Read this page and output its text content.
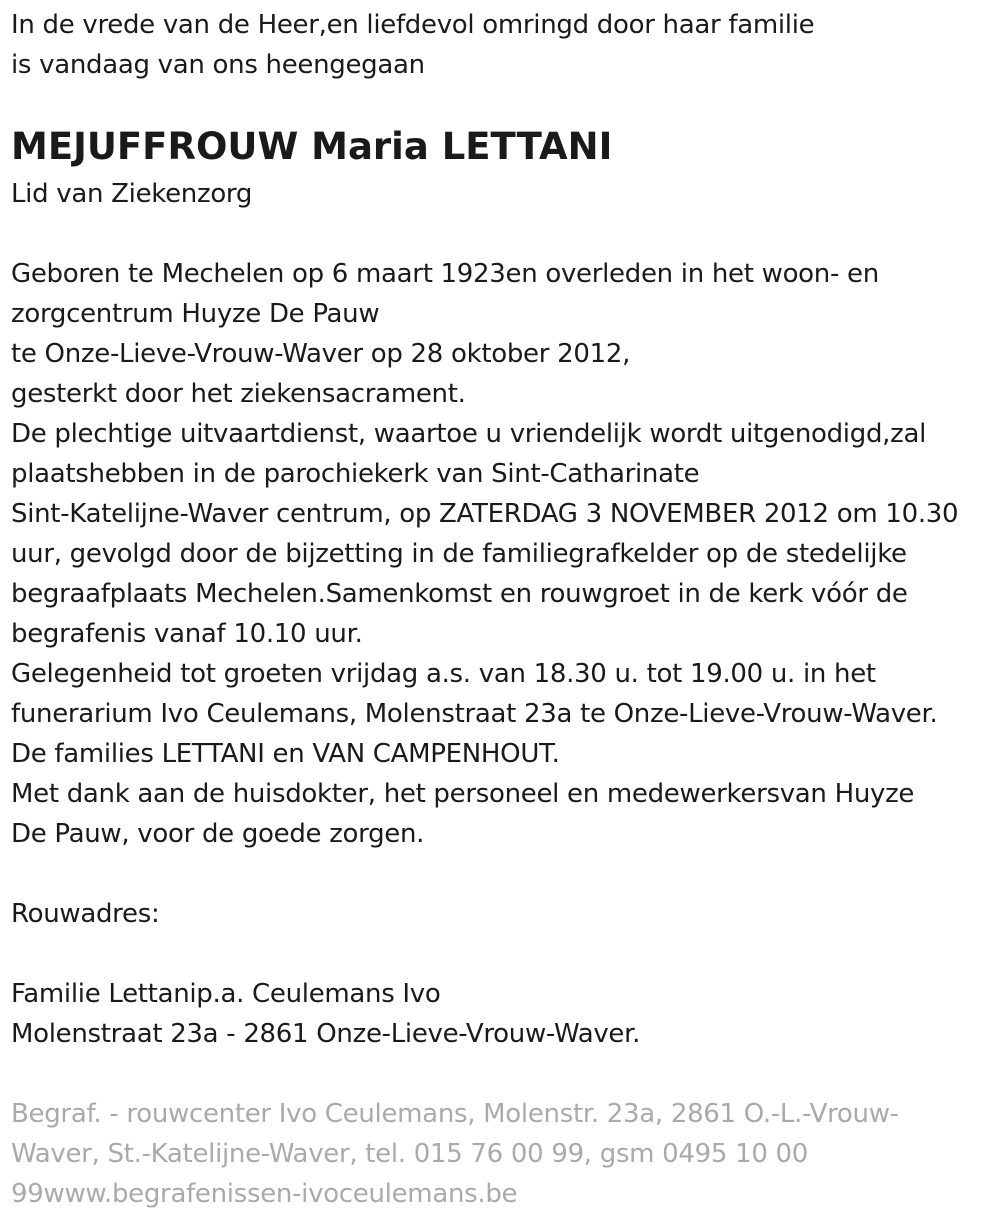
In de vrede van de Heer,en liefdevol omringd door haar familie
is vandaag van ons heengegaan

MEJUFFROUW Maria LETTANI

Lid van Ziekenzorg

Geboren te Mechelen op 6 maart 1923en overleden in het woon- en
zorgcentrum Huyze De Pauw
te Onze-Lieve-Vrouw-Waver op 28 oktober 2012,
gesterkt door het ziekensacrament.
De plechtige uitvaartdienst, waartoe u vriendelijk wordt uitgenodigd,zal
plaatshebben in de parochiekerk van Sint-Catharinate
Sint-Katelijne-Waver centrum, op ZATERDAG 3 NOVEMBER 2012 om 10.30
uur, gevolgd door de bijzetting in de familiegrafkelder op de stedelijke
begraafplaats Mechelen.Samenkomst en rouwgroet in de kerk vóór de
begrafenis vanaf 10.10 uur.
Gelegenheid tot groeten vrijdag a.s. van 18.30 u. tot 19.00 u. in het
funerarium Ivo Ceulemans, Molenstraat 23a te Onze-Lieve-Vrouw-Waver.
De families LETTANI en VAN CAMPENHOUT.
Met dank aan de huisdokter, het personeel en medewerkersvan Huyze
De Pauw, voor de goede zorgen.

Rouwadres:

Familie Lettanip.a. Ceulemans Ivo
Molenstraat 23a - 2861 Onze-Lieve-Vrouw-Waver.

Begraf. - rouwcenter Ivo Ceulemans, Molenstr. 23a, 2861 O.-L.-Vrouw-
Waver, St.-Katelijne-Waver, tel. 015 76 00 99, gsm 0495 10 00
99www.begrafenissen-ivoceulemans.be
